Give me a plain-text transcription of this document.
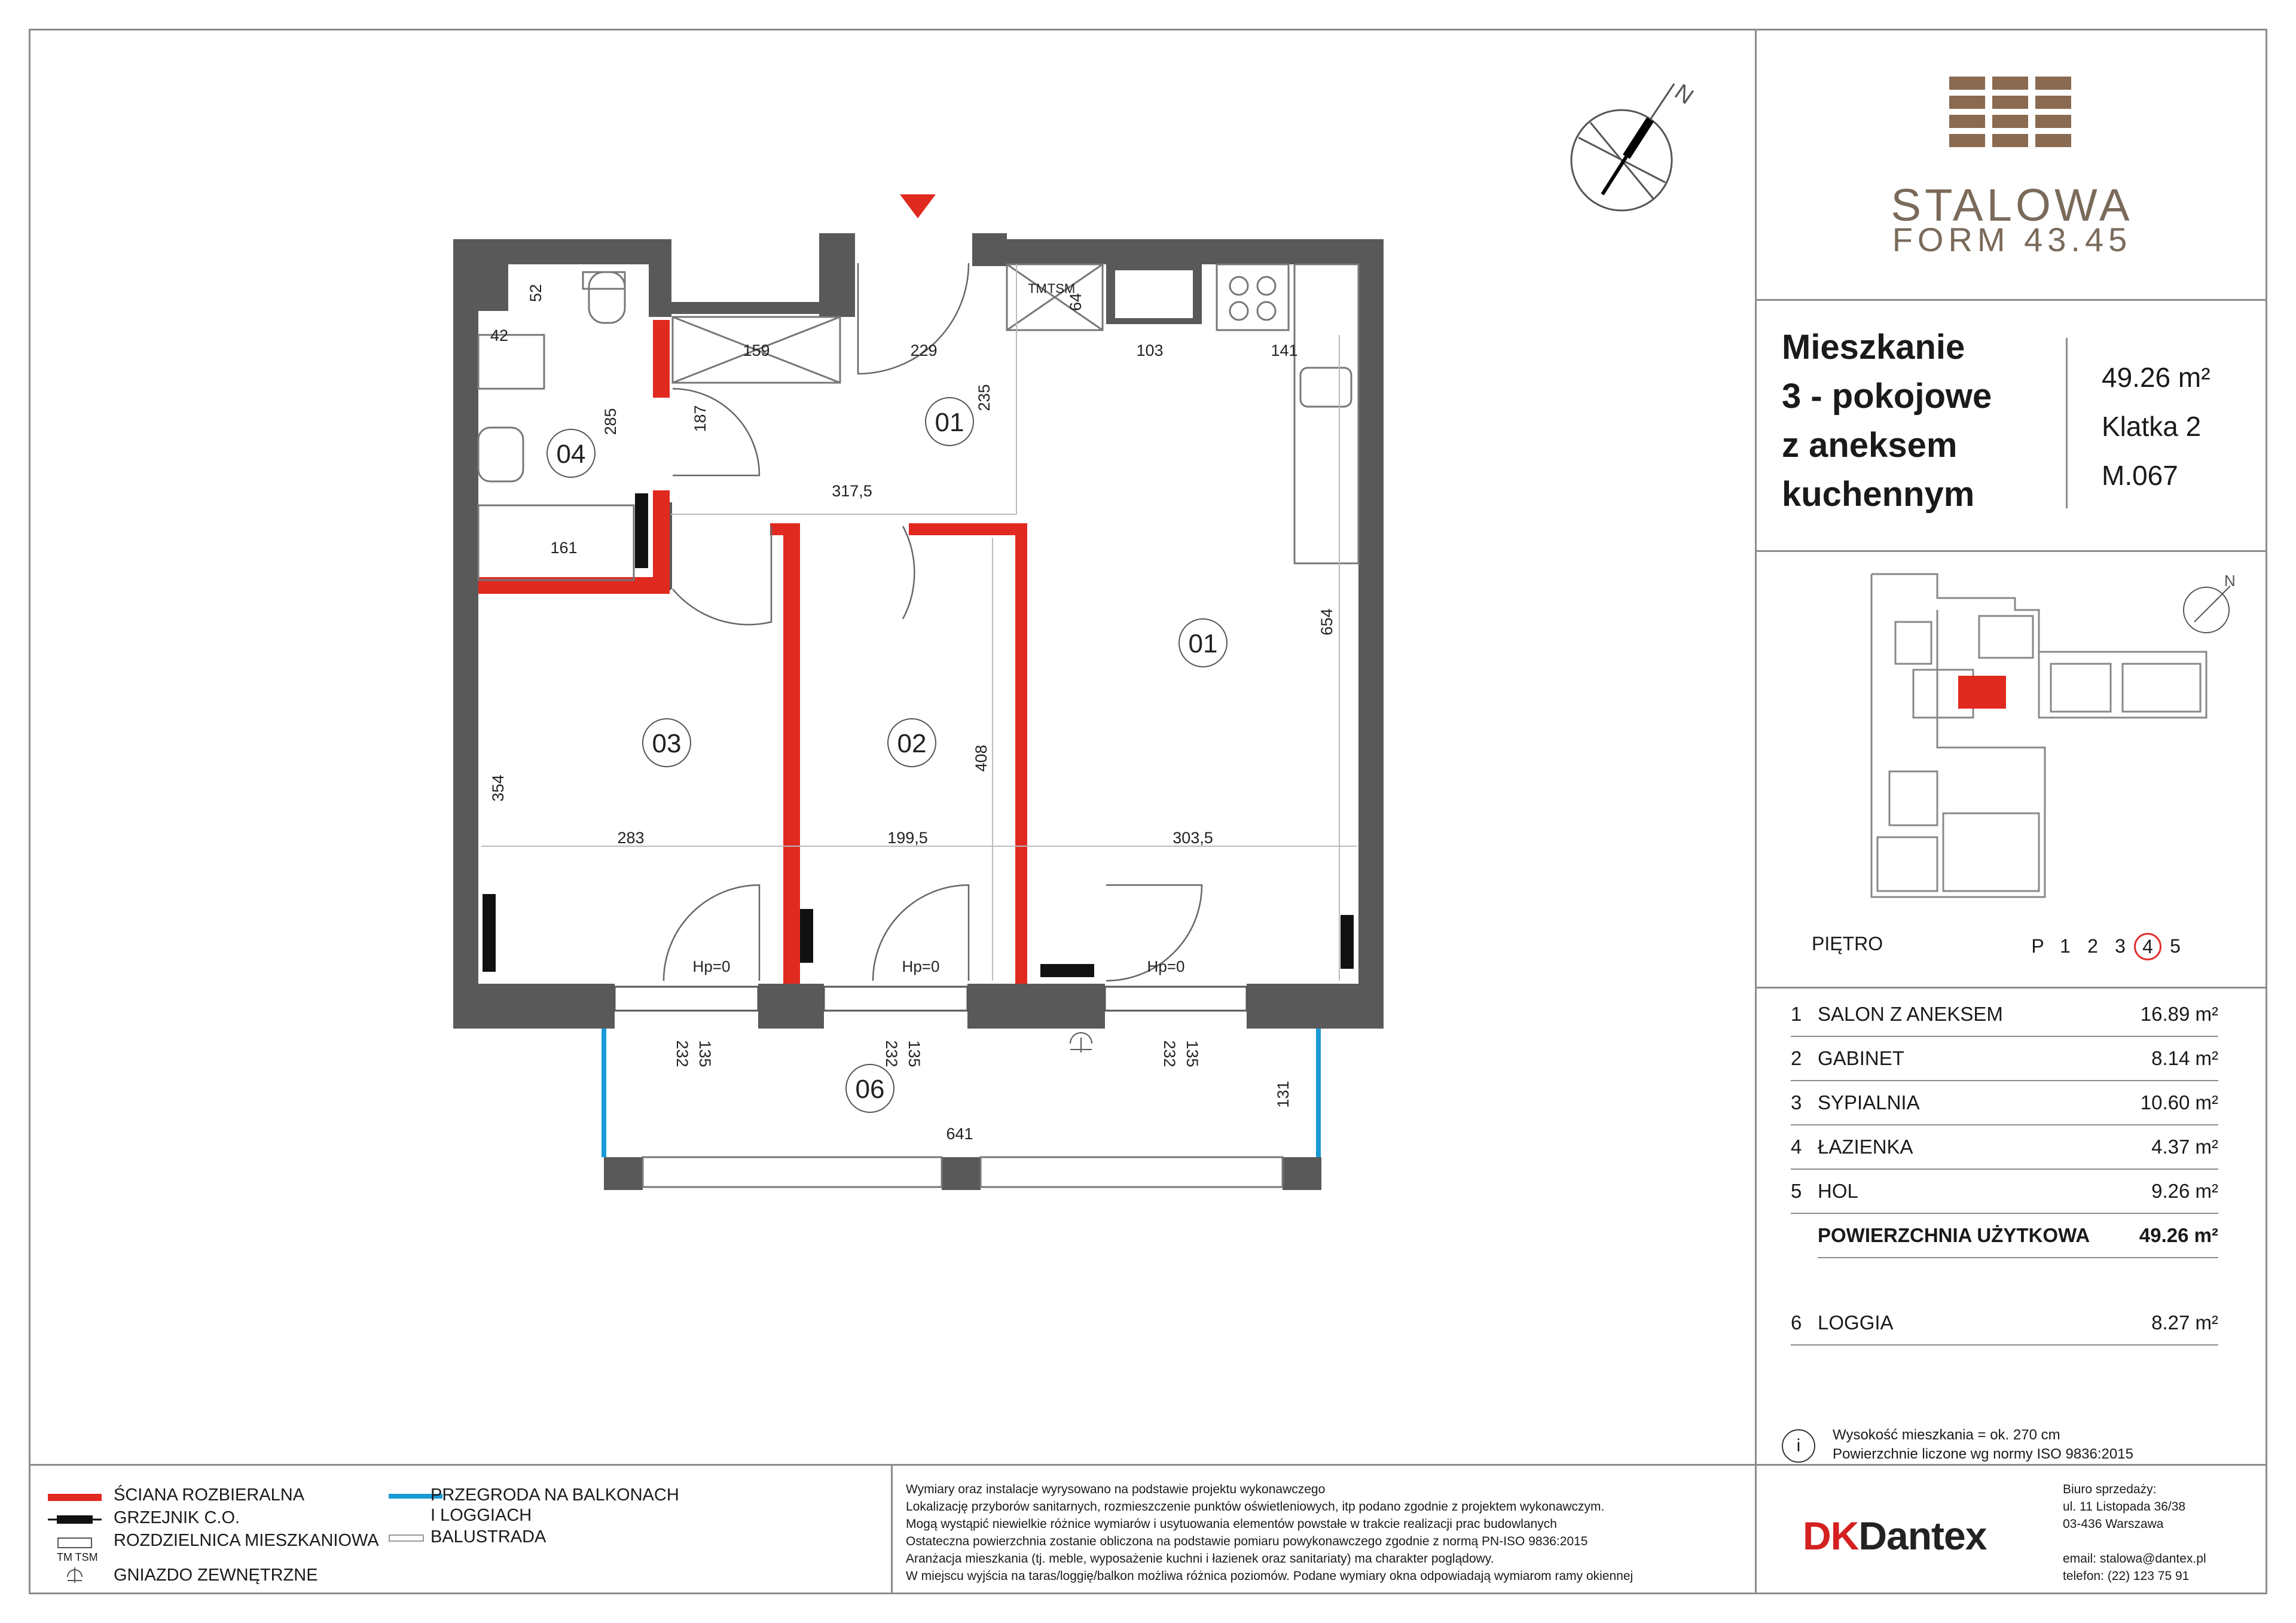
N
01
01
02
03
04
06
52
42
285	187
159	229
235
64
103	141
317,5
161
654
408
354
283	199,5	303,5
641
131
135
232	135
232	135
232
Hp=0	Hp=0	Hp=0
TM TSM
STALOWA
FORM 43.45
Mieszkanie
3 - pokojowe
z aneksem
kuchennym
49.26 m²
Klatka 2
M.067
N
PIĘTRO	P 1 2 3 4 5
1 SALON Z ANEKSEM	16.89 m²
2 GABINET	8.14 m²
3 SYPIALNIA	10.60 m²
4 ŁAZIENKA	4.37 m²
5 HOL	9.26 m²
POWIERZCHNIA UŻYTKOWA	49.26 m²
6 LOGGIA	8.27 m²
i
Wysokość mieszkania = ok. 270 cm
Powierzchnie liczone wg normy ISO 9836:2015
ŚCIANA ROZBIERALNA
GRZEJNIK C.O.
ROZDZIELNICA MIESZKANIOWA
TM TSM
GNIAZDO ZEWNĘTRZNE
PRZEGRODA NA BALKONACH
I LOGGIACH
BALUSTRADA
Wymiary oraz instalacje wyrysowano na podstawie projektu wykonawczego
Lokalizację przyborów sanitarnych, rozmieszczenie punktów oświetleniowych, itp podano zgodnie z projektem wykonawczym.
Mogą wystąpić niewielkie różnice wymiarów i usytuowania elementów powstałe w trakcie realizacji prac budowlanych
Ostateczna powierzchnia zostanie obliczona na podstawie pomiaru powykonawczego zgodnie z normą PN-ISO 9836:2015
Aranżacja mieszkania (tj. meble, wyposażenie kuchni i łazienek oraz sanitariaty) ma charakter poglądowy.
W miejscu wyjścia na taras/loggię/balkon możliwa różnica poziomów. Podane wymiary okna odpowiadają wymiarom ramy okiennej
DKDantex
Biuro sprzedaży:
ul. 11 Listopada 36/38
03-436 Warszawa
email: stalowa@dantex.pl
telefon: (22) 123 75 91
